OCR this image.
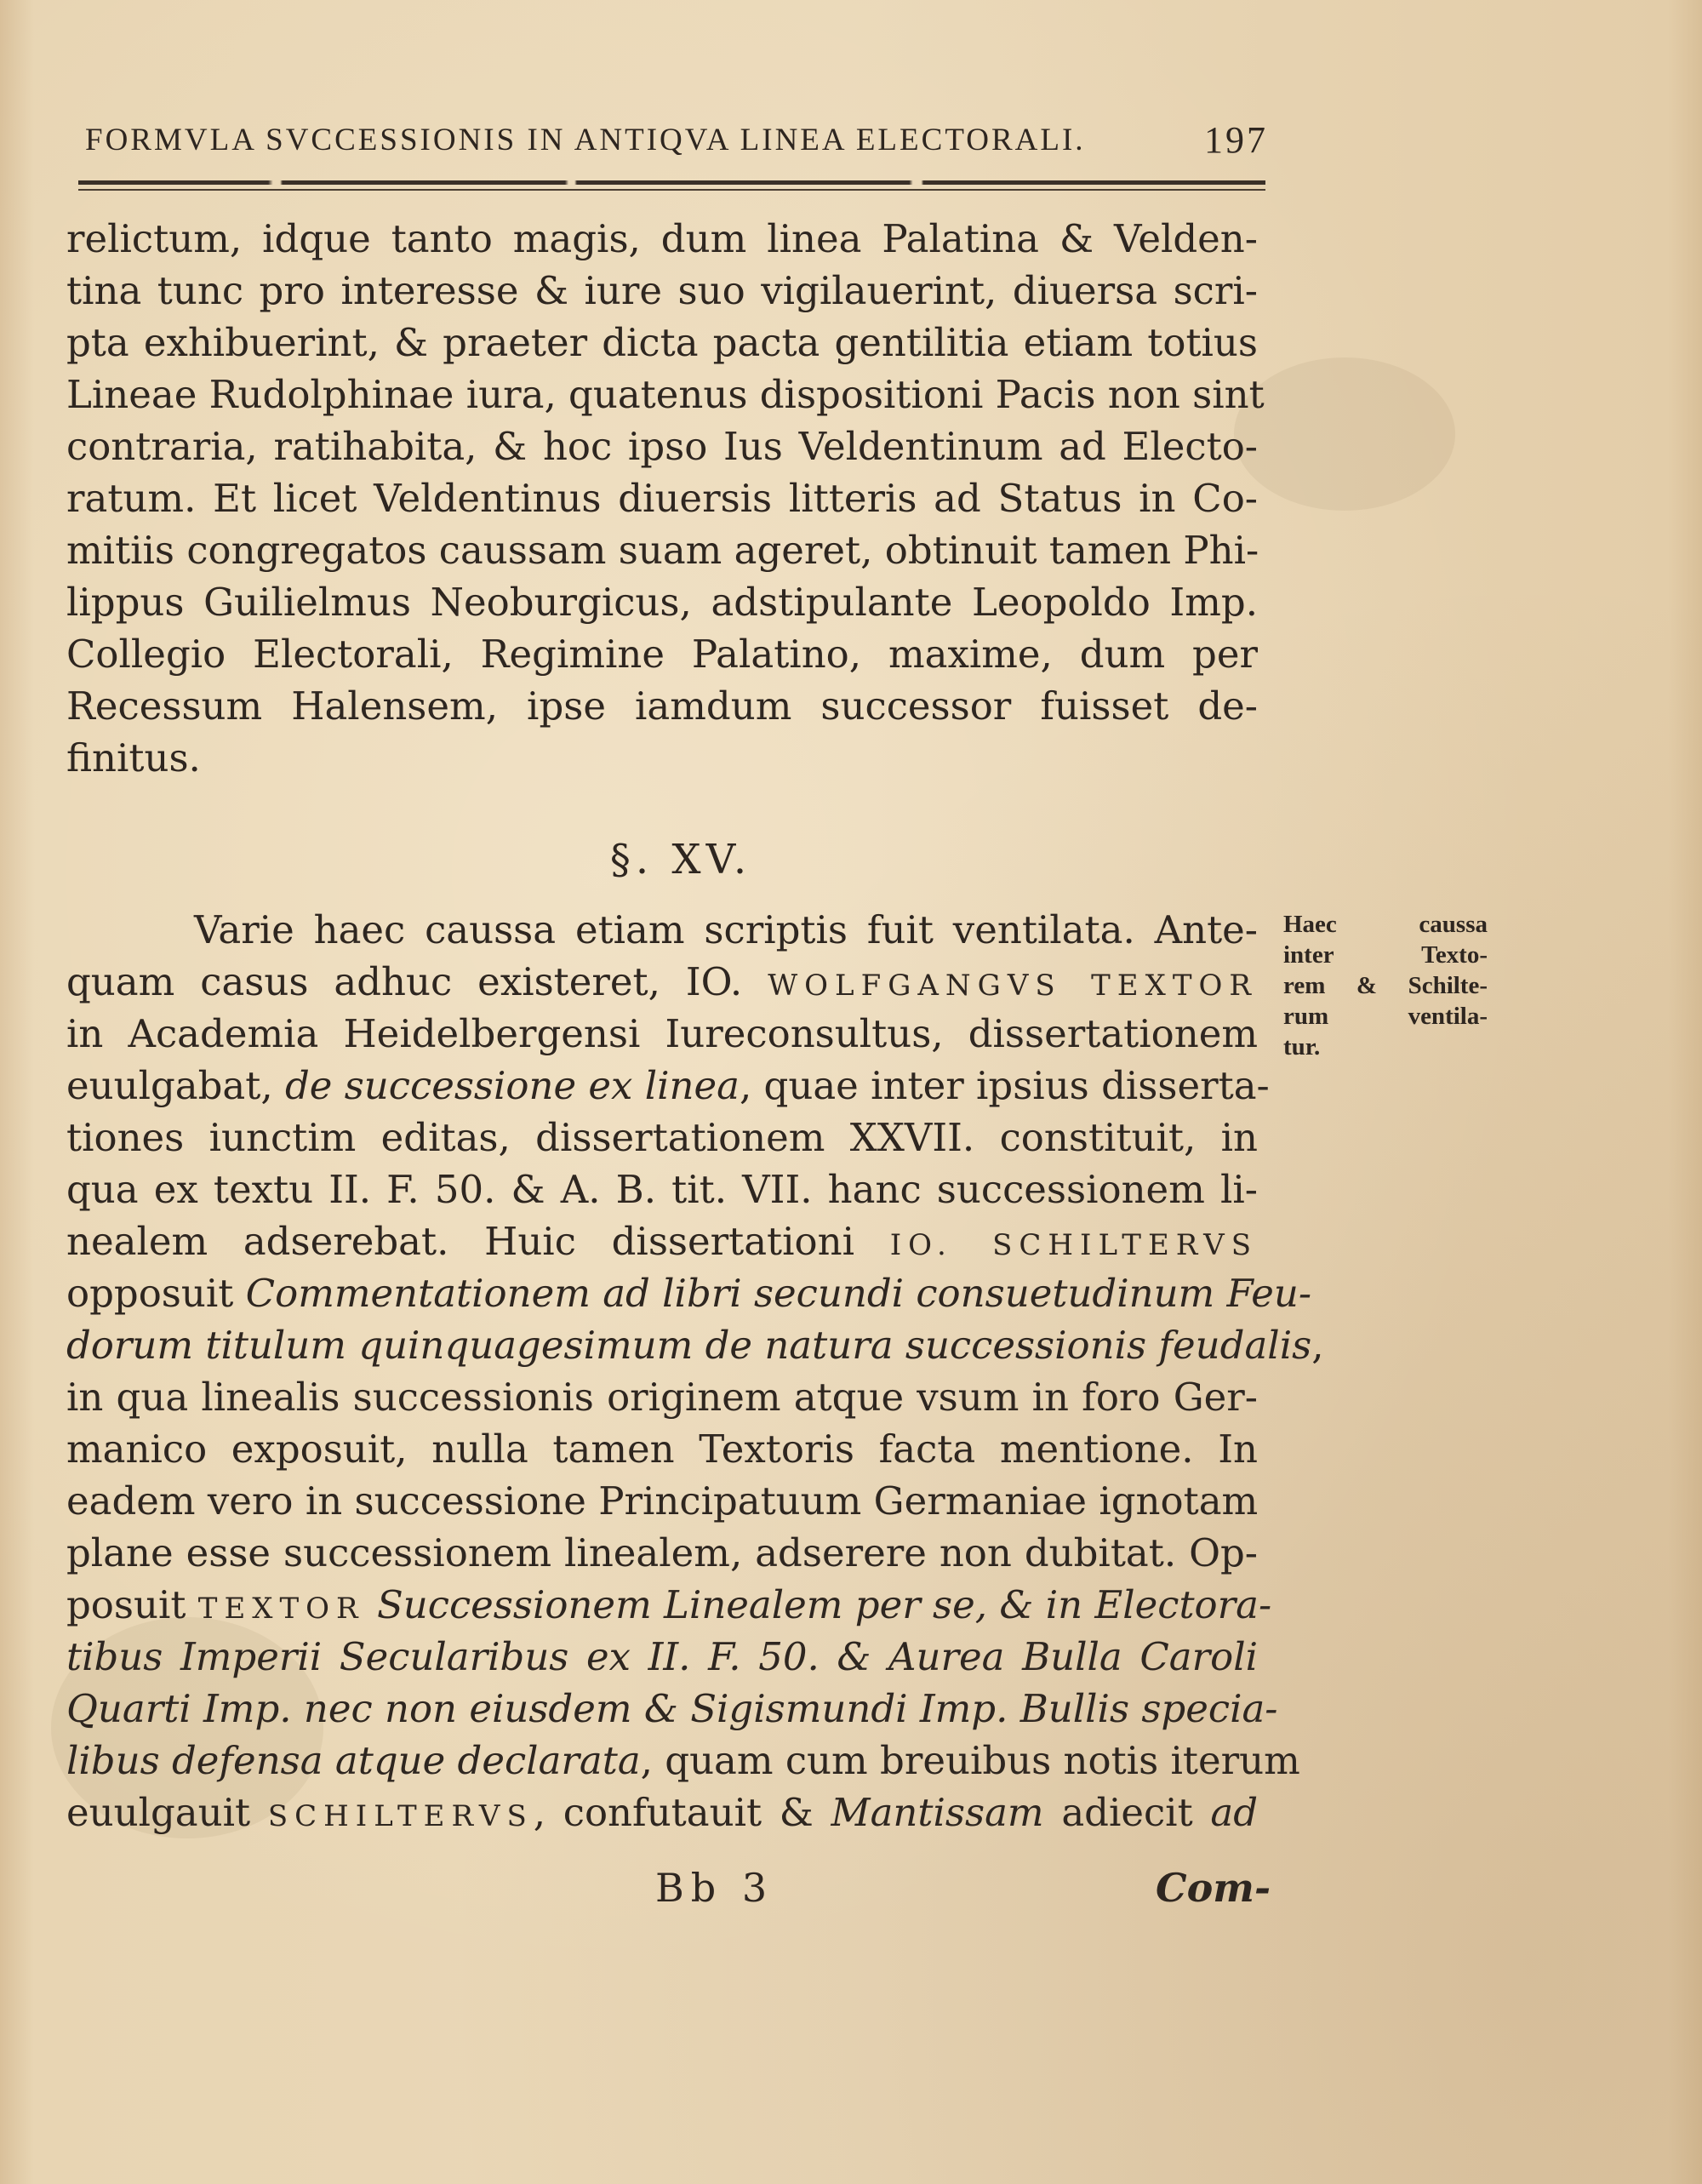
FORMVLA SVCCESSIONIS IN ANTIQVA LINEA ELECTORALI.	197
relictum, idque tanto magis, dum linea Palatina & Velden-
tina tunc pro interesse & iure suo vigilauerint, diuersa scri-
pta exhibuerint, & praeter dicta pacta gentilitia etiam totius
Lineae Rudolphinae iura, quatenus dispositioni Pacis non sint
contraria, ratihabita, & hoc ipso Ius Veldentinum ad Electo-
ratum. Et licet Veldentinus diuersis litteris ad Status in Co-
mitiis congregatos caussam suam ageret, obtinuit tamen Phi-
lippus Guilielmus Neoburgicus, adstipulante Leopoldo Imp.
Collegio Electorali, Regimine Palatino, maxime, dum per
Recessum Halensem, ipse iamdum successor fuisset de-
finitus.
§. XV.
Varie haec caussa etiam scriptis fuit ventilata. Ante-
quam casus adhuc existeret, IO. WOLFGANGVS TEXTOR
in Academia Heidelbergensi Iureconsultus, dissertationem
euulgabat, de successione ex linea, quae inter ipsius disserta-
tiones iunctim editas, dissertationem XXVII. constituit, in
qua ex textu II. F. 50. & A. B. tit. VII. hanc successionem li-
nealem adserebat. Huic dissertationi IO. SCHILTERVS
opposuit Commentationem ad libri secundi consuetudinum Feu-
dorum titulum quinquagesimum de natura successionis feudalis,
in qua linealis successionis originem atque vsum in foro Ger-
manico exposuit, nulla tamen Textoris facta mentione. In
eadem vero in successione Principatuum Germaniae ignotam
plane esse successionem linealem, adserere non dubitat. Op-
posuit TEXTOR Successionem Linealem per se, & in Electora-
tibus Imperii Secularibus ex II. F. 50. & Aurea Bulla Caroli
Quarti Imp. nec non eiusdem & Sigismundi Imp. Bullis specia-
libus defensa atque declarata, quam cum breuibus notis iterum
euulgauit SCHILTERVS, confutauit & Mantissam adiecit ad
Haec caussa
inter Texto-
rem & Schilte-
rum ventila-
tur.
Bb 3	Com-
